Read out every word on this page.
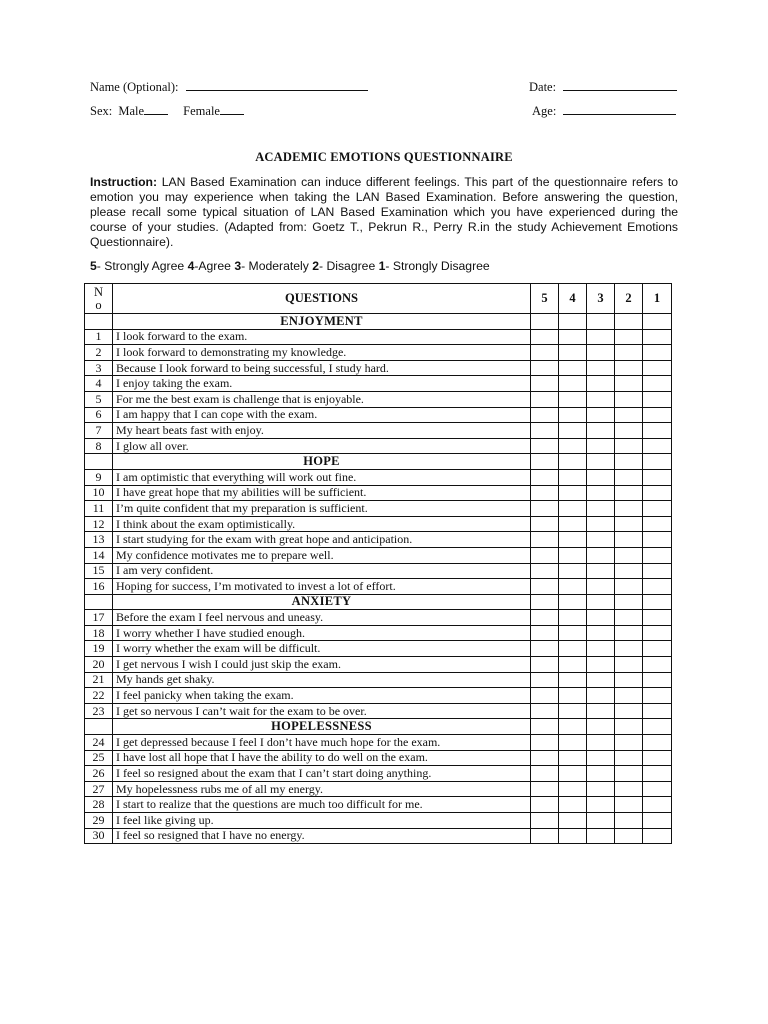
Name (Optional):	Date:
Sex: Male	Female	Age:
ACADEMIC EMOTIONS QUESTIONNAIRE
Instruction: LAN Based Examination can induce different feelings. This part of the questionnaire refers to emotion you may experience when taking the LAN Based Examination. Before answering the question, please recall some typical situation of LAN Based Examination which you have experienced during the course of your studies. (Adapted from: Goetz T., Pekrun R., Perry R.in the study Achievement Emotions Questionnaire).
5- Strongly Agree 4-Agree 3- Moderately 2- Disagree 1- Strongly Disagree
N
o	QUESTIONS	5	4	3	2	1
	ENJOYMENT					
1	I look forward to the exam.					
2	I look forward to demonstrating my knowledge.					
3	Because I look forward to being successful, I study hard.					
4	I enjoy taking the exam.					
5	For me the best exam is challenge that is enjoyable.					
6	I am happy that I can cope with the exam.					
7	My heart beats fast with enjoy.					
8	I glow all over.					
	HOPE					
9	I am optimistic that everything will work out fine.					
10	I have great hope that my abilities will be sufficient.					
11	I’m quite confident that my preparation is sufficient.					
12	I think about the exam optimistically.					
13	I start studying for the exam with great hope and anticipation.					
14	My confidence motivates me to prepare well.					
15	I am very confident.					
16	Hoping for success, I’m motivated to invest a lot of effort.					
	ANXIETY					
17	Before the exam I feel nervous and uneasy.					
18	I worry whether I have studied enough.					
19	I worry whether the exam will be difficult.					
20	I get nervous I wish I could just skip the exam.					
21	My hands get shaky.					
22	I feel panicky when taking the exam.					
23	I get so nervous I can’t wait for the exam to be over.					
	HOPELESSNESS					
24	I get depressed because I feel I don’t have much hope for the exam.					
25	I have lost all hope that I have the ability to do well on the exam.					
26	I feel so resigned about the exam that I can’t start doing anything.					
27	My hopelessness rubs me of all my energy.					
28	I start to realize that the questions are much too difficult for me.					
29	I feel like giving up.					
30	I feel so resigned that I have no energy.					
